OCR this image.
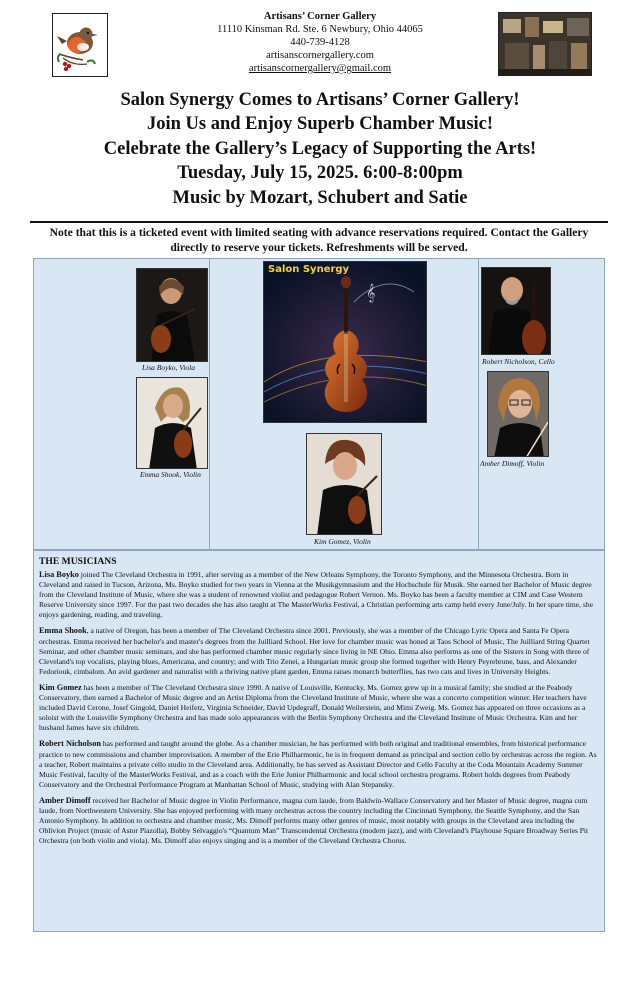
Artisans’ Corner Gallery
11110 Kinsman Rd. Ste. 6 Newbury, Ohio 44065
440-739-4128
artisanscornergallery.com
artisanscornergallery@gmail.com
Salon Synergy Comes to Artisans’ Corner Gallery!
Join Us and Enjoy Superb Chamber Music!
Celebrate the Gallery’s Legacy of Supporting the Arts!
Tuesday, July 15, 2025. 6:00-8:00pm
Music by Mozart, Schubert and Satie
Note that this is a ticketed event with limited seating with advance reservations required. Contact the Gallery directly to reserve your tickets. Refreshments will be served.
Lisa Boyko, Viola
Emma Shook, Violin
𝄞
Salon Synergy
Kim Gomez, Violin
Robert Nicholson, Cello
Amber Dimoff, Violin
THE MUSICIANS

Lisa Boyko joined The Cleveland Orchestra in 1991, after serving as a member of the New Orleans Symphony, the Toronto Symphony, and the Minnesota Orchestra. Born in Cleveland and raised in Tucson, Arizona, Ms. Boyko studied for two years in Vienna at the Musikgymnasium and the Hochschule für Musik. She earned her Bachelor of Music degree from the Cleveland Institute of Music, where she was a student of renowned violist and pedagogue Robert Vernon. Ms. Boyko has been a faculty member at CIM and Case Western Reserve University since 1997. For the past two decades she has also taught at The MasterWorks Festival, a Christian performing arts camp held every June/July. In her spare time, she enjoys gardening, reading, and traveling.

Emma Shook, a native of Oregon, has been a member of The Cleveland Orchestra since 2001. Previously, she was a member of the Chicago Lyric Opera and Santa Fe Opera orchestras. Emma received her bachelor's and master's degrees from the Juilliard School. Her love for chamber music was honed at Taos School of Music, The Juilliard String Quartet Seminar, and other chamber music seminars, and she has performed chamber music regularly since living in NE Ohio. Emma also performs as one of the Sisters in Song with three of Cleveland's top vocalists, playing blues, Americana, and country; and with Trio Zenei, a Hungarian music group she formed together with Henry Peyrebrune, bass, and Alexander Fedoriouk, cimbalom. An avid gardener and naturalist with a thriving native plant garden, Emma raises monarch butterflies, has two cats and lives in University Heights.

Kim Gomez has been a member of The Cleveland Orchestra since 1990. A native of Louisville, Kentucky, Ms. Gomez grew up in a musical family; she studied at the Peabody Conservatory, then earned a Bachelor of Music degree and an Artist Diploma from the Cleveland Institute of Music, where she was a concerto competition winner. Her teachers have included David Cerone, Josef Gingold, Daniel Heifetz, Virginia Schneider, David Updegraff, Donald Weilerstein, and Mimi Zweig. Ms. Gomez has appeared on three occasions as a soloist with the Louisville Symphony Orchestra and has made solo appearances with the Berlin Symphony Orchestra and the Cleveland Institute of Music Orchestra. Kim and her husband James have six children.

Robert Nicholson has performed and taught around the globe. As a chamber musician, he has performed with both original and traditional ensembles, from historical performance practice to new commissions and chamber improvisation. A member of the Erie Philharmonic, he is in frequent demand as principal and section cello by orchestras across the region. As a teacher, Robert maintains a private cello studio in the Cleveland area. Additionally, he has served as Assistant Director and Cello Faculty at the Coda Mountain Academy Summer Music Festival, faculty of the MasterWorks Festival, and as a coach with the Erie Junior Philharmonic and local school orchestra programs. Robert holds degrees from Peabody Conservatory and the Orchestral Performance Program at Manhattan School of Music, studying with Alan Stepansky.

Amber Dimoff received her Bachelor of Music degree in Violin Performance, magna cum laude, from Baldwin-Wallace Conservatory and her Master of Music degree, magna cum laude, from Northwestern University. She has enjoyed performing with many orchestras across the country including the Cincinnati Symphony, the Seattle Symphony, and the San Antonio Symphony. In addition to orchestra and chamber music, Ms. Dimoff performs many other genres of music, most notably with groups in the Cleveland area including the Oblivion Project (music of Astor Piazolla), Bobby Selvaggio's “Quantum Man” Transcendental Orchestra (modern jazz), and with Cleveland's Playhouse Square Broadway Series Pit Orchestra (on both violin and viola). Ms. Dimoff also enjoys singing and is a member of the Cleveland Orchestra Chorus.
